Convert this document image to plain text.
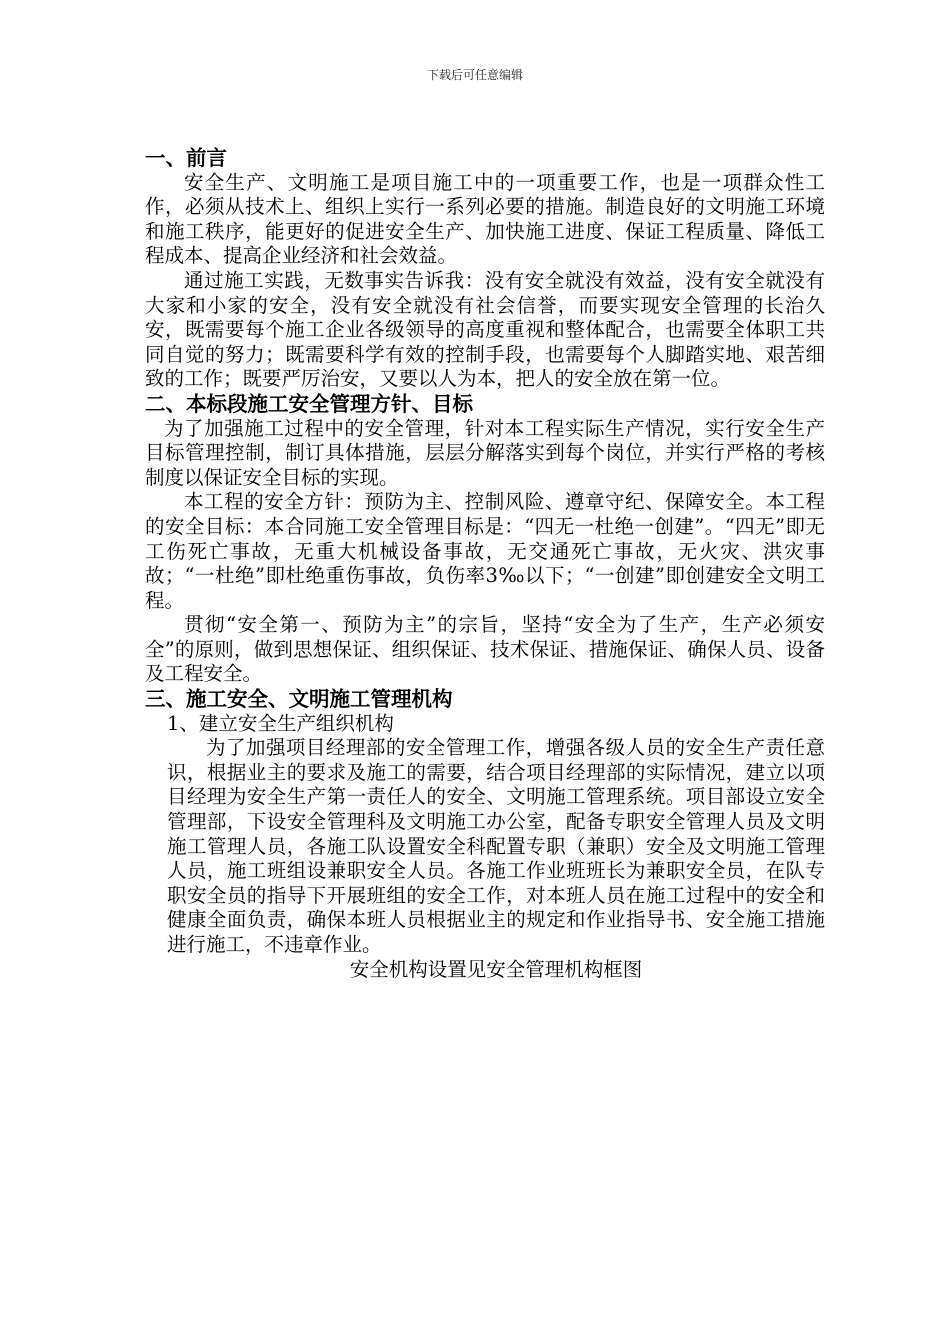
下载后可任意编辑

一、前言

安全生产、文明施工是项目施工中的一项重要工作，也是一项群众性工作，必须从技术上、组织上实行一系列必要的措施。制造良好的文明施工环境和施工秩序，能更好的促进安全生产、加快施工进度、保证工程质量、降低工程成本、提高企业经济和社会效益。

通过施工实践，无数事实告诉我：没有安全就没有效益，没有安全就没有大家和小家的安全，没有安全就没有社会信誉，而要实现安全管理的长治久安，既需要每个施工企业各级领导的高度重视和整体配合，也需要全体职工共同自觉的努力；既需要科学有效的控制手段，也需要每个人脚踏实地、艰苦细致的工作；既要严厉治安，又要以人为本，把人的安全放在第一位。

二、本标段施工安全管理方针、目标

为了加强施工过程中的安全管理，针对本工程实际生产情况，实行安全生产目标管理控制，制订具体措施，层层分解落实到每个岗位，并实行严格的考核制度以保证安全目标的实现。

本工程的安全方针：预防为主、控制风险、遵章守纪、保障安全。本工程的安全目标：本合同施工安全管理目标是：“四无一杜绝一创建”。“四无”即无工伤死亡事故，无重大机械设备事故，无交通死亡事故，无火灾、洪灾事故；“一杜绝”即杜绝重伤事故，负伤率3‰以下；“一创建”即创建安全文明工程。

贯彻“安全第一、预防为主”的宗旨，坚持“安全为了生产，生产必须安全”的原则，做到思想保证、组织保证、技术保证、措施保证、确保人员、设备及工程安全。

三、施工安全、文明施工管理机构

1、建立安全生产组织机构

为了加强项目经理部的安全管理工作，增强各级人员的安全生产责任意识，根据业主的要求及施工的需要，结合项目经理部的实际情况，建立以项目经理为安全生产第一责任人的安全、文明施工管理系统。项目部设立安全管理部，下设安全管理科及文明施工办公室，配备专职安全管理人员及文明施工管理人员，各施工队设置安全科配置专职（兼职）安全及文明施工管理人员，施工班组设兼职安全人员。各施工作业班班长为兼职安全员，在队专职安全员的指导下开展班组的安全工作，对本班人员在施工过程中的安全和健康全面负责，确保本班人员根据业主的规定和作业指导书、安全施工措施进行施工，不违章作业。

安全机构设置见安全管理机构框图
